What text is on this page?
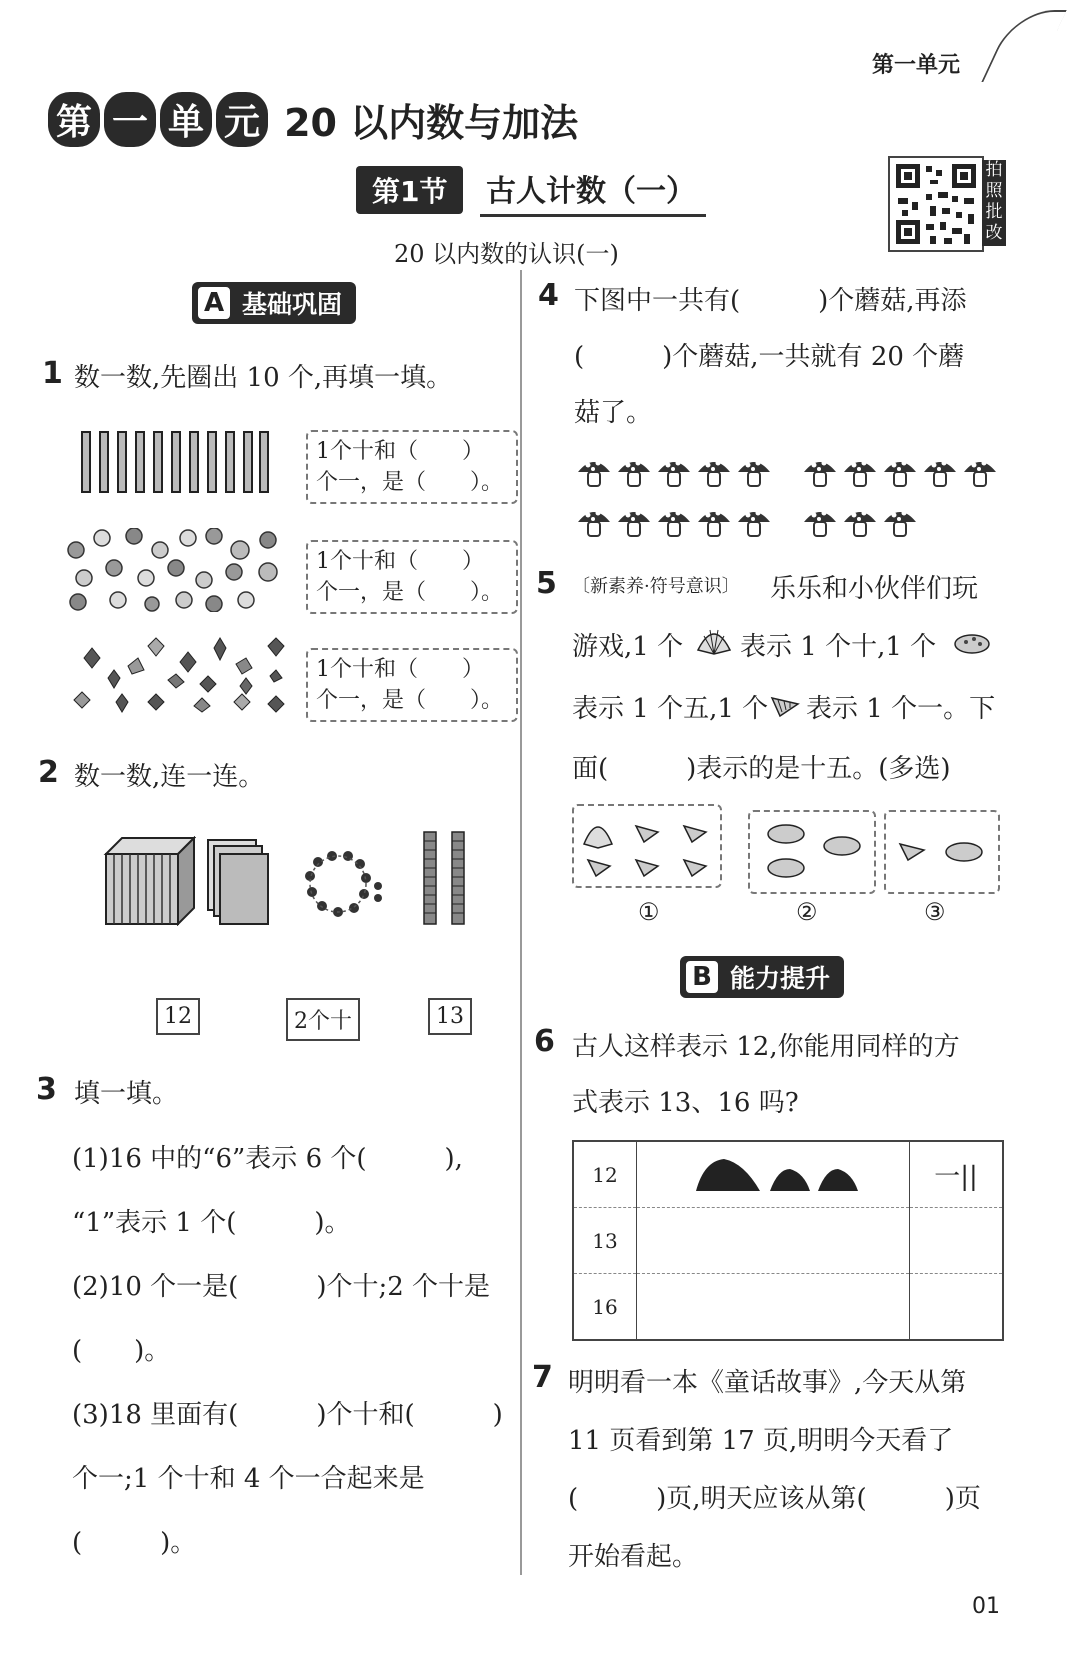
第一单元
第 一 单 元 20 以内数与加法
第1节	古人计数（一）
20 以内数的认识(一)
拍照批改
A 基础巩固
1 数一数,先圈出 10 个,再填一填。
1个十和（　　）
个一，是（　　）。
1个十和（　　）
个一，是（　　）。
1个十和（　　）
个一，是（　　）。
2 数一数,连一连。
12	2个十	13
3 填一填。
(1)16 中的“6”表示 6 个(　　　),
“1”表示 1 个(　　　)。
(2)10 个一是(　　　)个十;2 个十是
(　　)。
(3)18 里面有(　　　)个十和(　　　)
个一;1 个十和 4 个一合起来是
(　　　)。
4 下图中一共有(　　　)个蘑菇,再添
(　　　)个蘑菇,一共就有 20 个蘑
菇了。
5 〔新素养·符号意识〕 乐乐和小伙伴们玩
游戏,1 个 表示 1 个十,1 个
表示 1 个五,1 个 表示 1 个一。下
面(　　　)表示的是十五。(多选)
①	②	③
B 能力提升
6 古人这样表示 12,你能用同样的方
式表示 13、16 吗?
12		一||
13		
16		
7 明明看一本《童话故事》,今天从第
11 页看到第 17 页,明明今天看了
(　　　)页,明天应该从第(　　　)页
开始看起。
01
